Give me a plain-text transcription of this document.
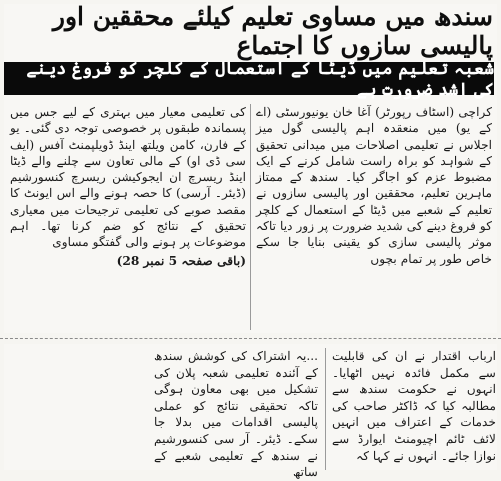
سندھ میں مساوی تعلیم کیلئے محققین اور پالیسی سازوں کا اجتماع
شعبہ تعلیم میں ڈیٹا کے استعمال کے کلچر کو فروغ دینے کی اشد ضرورت ہے

کراچی (اسٹاف رپورٹر) آغا خان یونیورسٹی (اے کے یو) میں منعقدہ اہم پالیسی گول میز اجلاس نے تعلیمی اصلاحات میں میدانی تحقیق کے شواہد کو براہ راست شامل کرنے کے ایک مضبوط عزم کو اجاگر کیا۔ سندھ کے ممتاز ماہرین تعلیم، محققین اور پالیسی سازوں نے تعلیم کے شعبے میں ڈیٹا کے استعمال کے کلچر کو فروغ دینے کی شدید ضرورت پر زور دیا تاکہ موثر پالیسی سازی کو یقینی بنایا جا سکے خاص طور پر تمام بچوں

کی تعلیمی معیار میں بہتری کے لیے جس میں پسماندہ طبقوں پر خصوصی توجہ دی گئی۔ یو کے فارن، کامن ویلتھ اینڈ ڈویلپمنٹ آفس (ایف سی ڈی او) کے مالی تعاون سے چلنے والے ڈیٹا اینڈ ریسرچ ان ایجوکیشن ریسرچ کنسورشیم (ڈیئر۔ آرسی) کا حصہ ہونے والے اس ایونٹ کا مقصد صوبے کی تعلیمی ترجیحات میں معیاری تحقیق کے نتائج کو ضم کرنا تھا۔ اہم موضوعات پر ہونے والی گفتگو مساوی

(باقی صفحہ 5 نمبر 28)

ارباب اقتدار نے ان کی قابلیت سے مکمل فائدہ نہیں اٹھایا۔ انہوں نے حکومت سندھ سے مطالبہ کیا کہ ڈاکٹر صاحب کی خدمات کے اعتراف میں انہیں لائف ٹائم اچیومنٹ ایوارڈ سے نوازا جائے۔ انہوں نے کہا کہ

...یہ اشتراک کی کوشش سندھ کے آئندہ تعلیمی شعبہ پلان کی تشکیل میں بھی معاون ہوگی تاکہ تحقیقی نتائج کو عملی پالیسی اقدامات میں بدلا جا سکے۔ ڈیئر۔ آر سی کنسورشیم نے سندھ کے تعلیمی شعبے کے ساتھ
